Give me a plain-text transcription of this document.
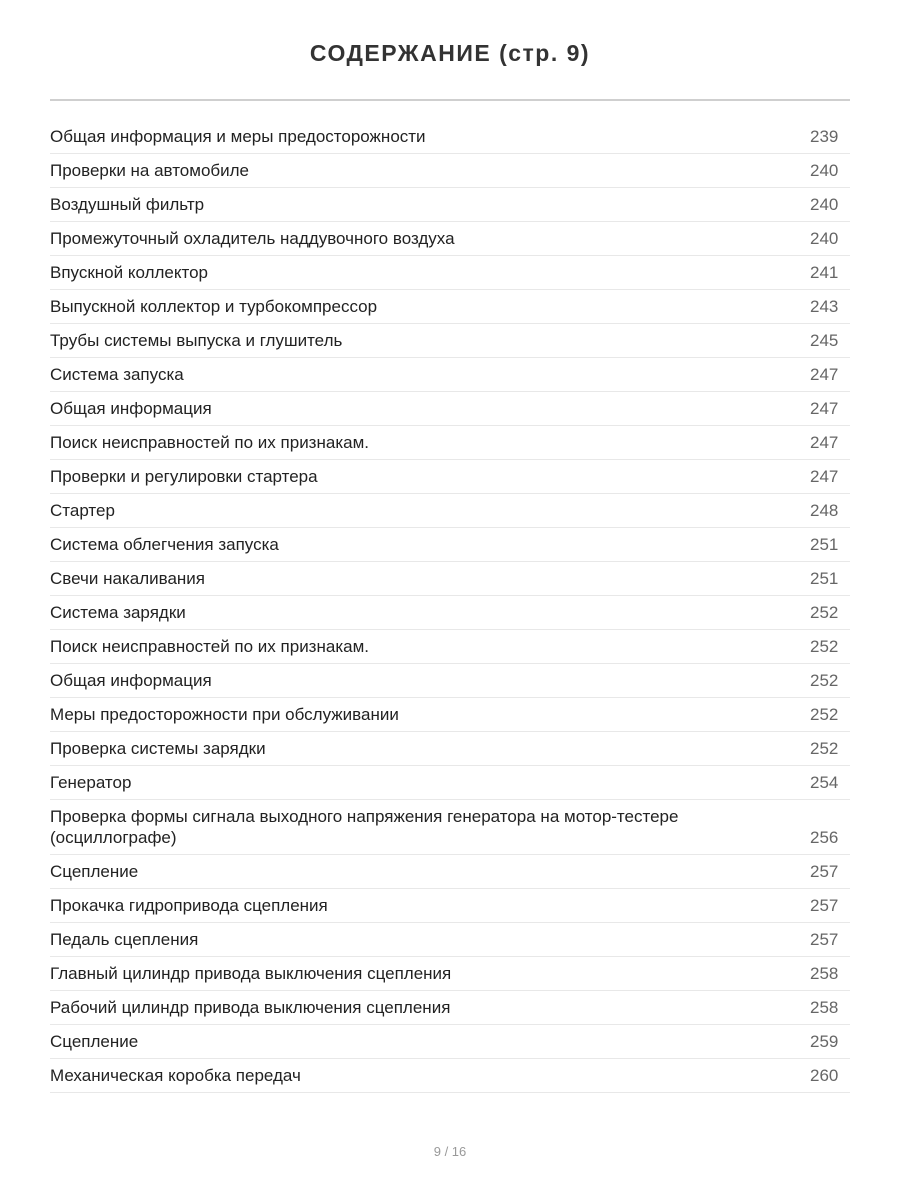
СОДЕРЖАНИЕ (стр. 9)
Общая информация и меры предосторожности	239
Проверки на автомобиле	240
Воздушный фильтр	240
Промежуточный охладитель наддувочного воздуха	240
Впускной коллектор	241
Выпускной коллектор и турбокомпрессор	243
Трубы системы выпуска и глушитель	245
Система запуска	247
Общая информация	247
Поиск неисправностей по их признакам.	247
Проверки и регулировки стартера	247
Стартер	248
Система облегчения запуска	251
Свечи накаливания	251
Система зарядки	252
Поиск неисправностей по их признакам.	252
Общая информация	252
Меры предосторожности при обслуживании	252
Проверка системы зарядки	252
Генератор	254
Проверка формы сигнала выходного напряжения генератора на мотор-тестере (осциллографе)	256
Сцепление	257
Прокачка гидропривода сцепления	257
Педаль сцепления	257
Главный цилиндр привода выключения сцепления	258
Рабочий цилиндр привода выключения сцепления	258
Сцепление	259
Механическая коробка передач	260
9 / 16
